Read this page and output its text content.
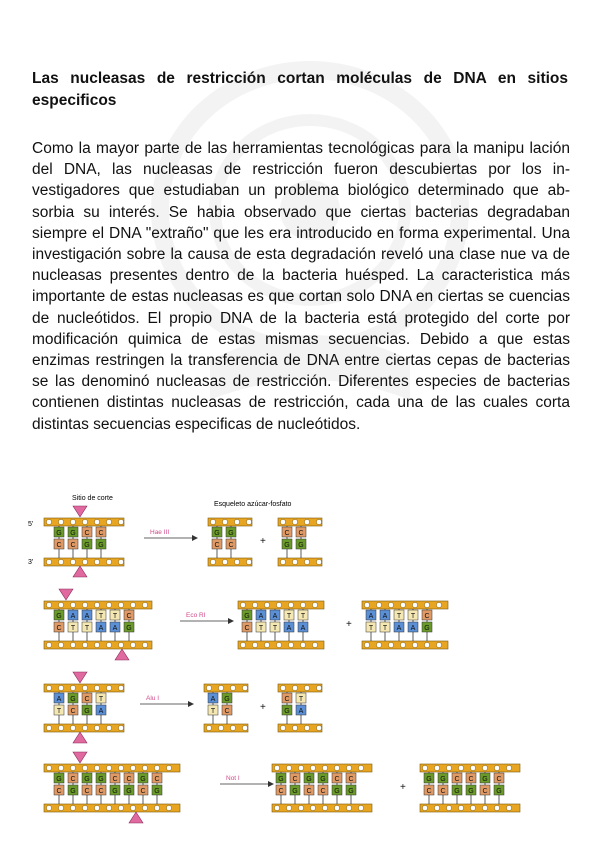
Las nucleasas de restricción cortan moléculas de DNA en sitios especificos

Como la mayor parte de las herramientas tecnológicas para la manipu lación del DNA, las nucleasas de restricción fueron descubiertas por los in- vestigadores que estudiaban un problema biológico determinado que ab- sorbia su interés. Se habia observado que ciertas bacterias degradaban siempre el DNA "extraño" que les era introducido en forma experimental. Una investigación sobre la causa de esta degradación reveló una clase nue va de nucleasas presentes dentro de la bacteria huésped. La caracteristica más importante de estas nucleasas es que cortan solo DNA en ciertas se cuencias de nucleótidos. El propio DNA de la bacteria está protegido del corte por modificación quimica de estas mismas secuencias. Debido a que estas enzimas restringen la transferencia de DNA entre ciertas cepas de bacterias se las denominó nucleasas de restricción. Diferentes especies de bacterias contienen distintas nucleasas de restricción, cada una de las cuales corta distintas secuencias especificas de nucleótidos.

Sitio de corte
Esqueleto azúcar-fosfato
5'
3'
G
C
G
C
C
G
C
G
G
C
G
C
C
G
C
G
Hae III
+
G
C
A
T
A
T
T
A
T
A
C
G
G
C
A
T
A
T
T
A
T
A
A
T
A
T
T
A
T
A
C
G
Eco RI
+
A
T
G
C
C
G
T
A
A
T
G
C
C
G
T
A
Alu I
+
G
C
C
G
G
C
G
C
C
G
C
G
G
C
C
G
G
C
C
G
G
C
G
C
C
G
C
G
G
C
G
C
C
G
C
G
G
C
C
G
Not I
+
